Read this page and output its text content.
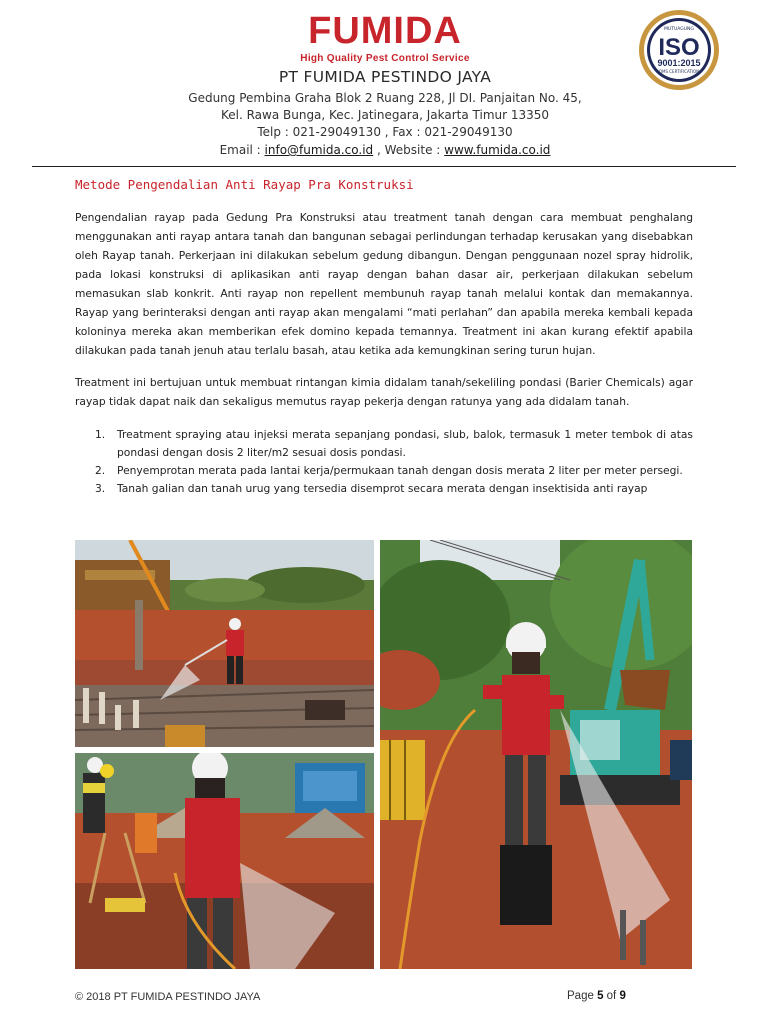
FUMIDA
High Quality Pest Control Service
MUTUAGUNG
ISO
9001:2015
QMS CERTIFICATION
PT FUMIDA PESTINDO JAYA
Gedung Pembina Graha Blok 2 Ruang 228, Jl DI. Panjaitan No. 45,
Kel. Rawa Bunga, Kec. Jatinegara, Jakarta Timur 13350
Telp : 021-29049130 , Fax : 021-29049130
Email : info@fumida.co.id , Website : www.fumida.co.id
Metode Pengendalian Anti Rayap Pra Konstruksi
Pengendalian rayap pada Gedung Pra Konstruksi atau treatment tanah dengan cara membuat penghalang menggunakan anti rayap antara tanah dan bangunan sebagai perlindungan terhadap kerusakan yang disebabkan oleh Rayap tanah. Perkerjaan ini dilakukan sebelum gedung dibangun. Dengan penggunaan nozel spray hidrolik, pada lokasi konstruksi di aplikasikan anti rayap dengan bahan dasar air, perkerjaan dilakukan sebelum memasukan slab konkrit. Anti rayap non repellent membunuh rayap tanah melalui kontak dan memakannya. Rayap yang berinteraksi dengan anti rayap akan mengalami “mati perlahan” dan apabila mereka kembali kepada koloninya mereka akan memberikan efek domino kepada temannya. Treatment ini akan kurang efektif apabila dilakukan pada tanah jenuh atau terlalu basah, atau ketika ada kemungkinan sering turun hujan.
Treatment ini bertujuan untuk membuat rintangan kimia didalam tanah/sekeliling pondasi (Barier Chemicals) agar rayap tidak dapat naik dan sekaligus memutus rayap pekerja dengan ratunya yang ada didalam tanah.
1. Treatment spraying atau injeksi merata sepanjang pondasi, slub, balok, termasuk 1 meter tembok di atas pondasi dengan dosis 2 liter/m2 sesuai dosis pondasi.
2. Penyemprotan merata pada lantai kerja/permukaan tanah dengan dosis merata 2 liter per meter persegi.
3. Tanah galian dan tanah urug yang tersedia disemprot secara merata dengan insektisida anti rayap
© 2018 PT FUMIDA PESTINDO JAYA	Page 5 of 9
